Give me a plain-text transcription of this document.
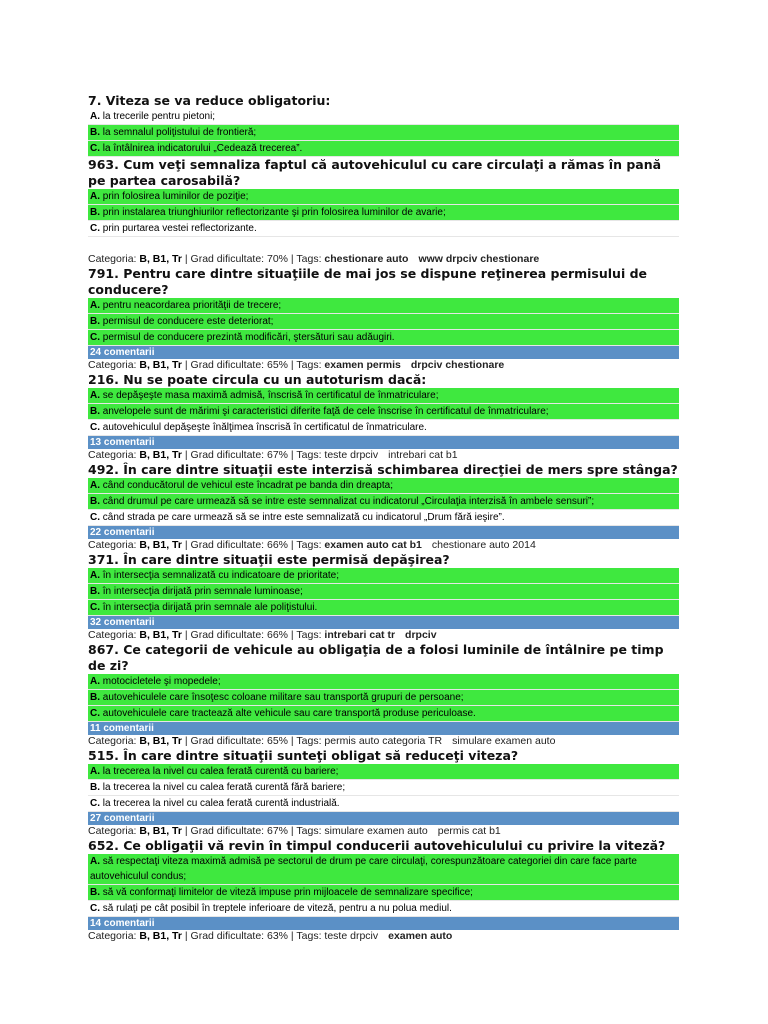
7. Viteza se va reduce obligatoriu:
A. la trecerile pentru pietoni;
B. la semnalul poliţistului de frontieră;
C. la întâlnirea indicatorului „Cedează trecerea”.
963. Cum veţi semnaliza faptul că autovehiculul cu care circulaţi a rămas în pană pe partea carosabilă?
A. prin folosirea luminilor de poziţie;
B. prin instalarea triunghiurilor reflectorizante şi prin folosirea luminilor de avarie;
C. prin purtarea vestei reflectorizante.
Categoria: B, B1, Tr | Grad dificultate: 70% | Tags: chestionare auto www drpciv chestionare
791. Pentru care dintre situaţiile de mai jos se dispune reţinerea permisului de conducere?
A. pentru neacordarea priorităţii de trecere;
B. permisul de conducere este deteriorat;
C. permisul de conducere prezintă modificări, ştersături sau adăugiri.
24 comentarii
Categoria: B, B1, Tr | Grad dificultate: 65% | Tags: examen permis drpciv chestionare
216. Nu se poate circula cu un autoturism dacă:
A. se depăşeşte masa maximă admisă, înscrisă în certificatul de înmatriculare;
B. anvelopele sunt de mărimi şi caracteristici diferite faţă de cele înscrise în certificatul de înmatriculare;
C. autovehiculul depăşeşte înălţimea înscrisă în certificatul de înmatriculare.
13 comentarii
Categoria: B, B1, Tr | Grad dificultate: 67% | Tags: teste drpciv intrebari cat b1
492. În care dintre situaţii este interzisă schimbarea direcţiei de mers spre stânga?
A. când conducătorul de vehicul este încadrat pe banda din dreapta;
B. când drumul pe care urmează să se intre este semnalizat cu indicatorul „Circulaţia interzisă în ambele sensuri”;
C. când strada pe care urmează să se intre este semnalizată cu indicatorul „Drum fără ieşire”.
22 comentarii
Categoria: B, B1, Tr | Grad dificultate: 66% | Tags: examen auto cat b1 chestionare auto 2014
371. În care dintre situaţii este permisă depăşirea?
A. în intersecţia semnalizată cu indicatoare de prioritate;
B. în intersecţia dirijată prin semnale luminoase;
C. în intersecţia dirijată prin semnale ale poliţistului.
32 comentarii
Categoria: B, B1, Tr | Grad dificultate: 66% | Tags: intrebari cat tr drpciv
867. Ce categorii de vehicule au obligaţia de a folosi luminile de întâlnire pe timp de zi?
A. motocicletele şi mopedele;
B. autovehiculele care însoţesc coloane militare sau transportă grupuri de persoane;
C. autovehiculele care tractează alte vehicule sau care transportă produse periculoase.
11 comentarii
Categoria: B, B1, Tr | Grad dificultate: 65% | Tags: permis auto categoria TR simulare examen auto
515. În care dintre situaţii sunteţi obligat să reduceţi viteza?
A. la trecerea la nivel cu calea ferată curentă cu bariere;
B. la trecerea la nivel cu calea ferată curentă fără bariere;
C. la trecerea la nivel cu calea ferată curentă industrială.
27 comentarii
Categoria: B, B1, Tr | Grad dificultate: 67% | Tags: simulare examen auto permis cat b1
652. Ce obligaţii vă revin în timpul conducerii autovehiculului cu privire la viteză?
A. să respectaţi viteza maximă admisă pe sectorul de drum pe care circulaţi, corespunzătoare categoriei din care face parte autovehiculul condus;
B. să vă conformaţi limitelor de viteză impuse prin mijloacele de semnalizare specifice;
C. să rulaţi pe cât posibil în treptele inferioare de viteză, pentru a nu polua mediul.
14 comentarii
Categoria: B, B1, Tr | Grad dificultate: 63% | Tags: teste drpciv examen auto
